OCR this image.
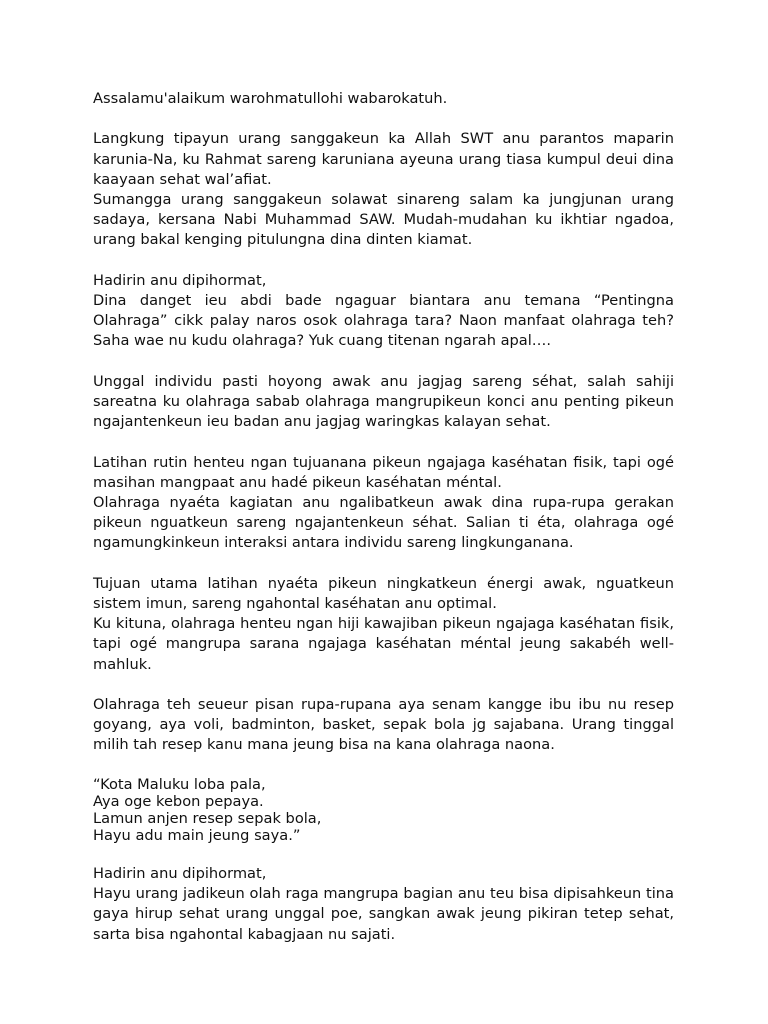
Assalamu'alaikum warohmatullohi wabarokatuh.

Langkung tipayun urang sanggakeun ka Allah SWT anu parantos maparin karunia-Na, ku Rahmat sareng karuniana ayeuna urang tiasa kumpul deui dina kaayaan sehat wal’afiat.

Sumangga urang sanggakeun solawat sinareng salam ka jungjunan urang sadaya, kersana Nabi Muhammad SAW. Mudah-mudahan ku ikhtiar ngadoa, urang bakal kenging pitulungna dina dinten kiamat.

Hadirin anu dipihormat,

Dina danget ieu abdi bade ngaguar biantara anu temana “Pentingna Olahraga” cikk palay naros osok olahraga tara? Naon manfaat olahraga teh? Saha wae nu kudu olahraga? Yuk cuang titenan ngarah apal….

Unggal individu pasti hoyong awak anu jagjag sareng séhat, salah sahiji sareatna ku olahraga sabab olahraga mangrupikeun konci anu penting pikeun ngajantenkeun ieu badan anu jagjag waringkas kalayan sehat.

Latihan rutin henteu ngan tujuanana pikeun ngajaga kaséhatan fisik, tapi ogé masihan mangpaat anu hadé pikeun kaséhatan méntal.

Olahraga nyaéta kagiatan anu ngalibatkeun awak dina rupa-rupa gerakan pikeun nguatkeun sareng ngajantenkeun séhat. Salian ti éta, olahraga ogé ngamungkinkeun interaksi antara individu sareng lingkunganana.

Tujuan utama latihan nyaéta pikeun ningkatkeun énergi awak, nguatkeun sistem imun, sareng ngahontal kaséhatan anu optimal.

Ku kituna, olahraga henteu ngan hiji kawajiban pikeun ngajaga kaséhatan fisik, tapi ogé mangrupa sarana ngajaga kaséhatan méntal jeung sakabéh well-mahluk.

Olahraga teh seueur pisan rupa-rupana aya senam kangge ibu ibu nu resep goyang, aya voli, badminton, basket, sepak bola jg sajabana. Urang tinggal milih tah resep kanu mana jeung bisa na kana olahraga naona.

“Kota Maluku loba pala,
Aya oge kebon pepaya.
Lamun anjen resep sepak bola,
Hayu adu main jeung saya.”

Hadirin anu dipihormat,

Hayu urang jadikeun olah raga mangrupa bagian anu teu bisa dipisahkeun tina gaya hirup sehat urang unggal poe, sangkan awak jeung pikiran tetep sehat, sarta bisa ngahontal kabagjaan nu sajati.
